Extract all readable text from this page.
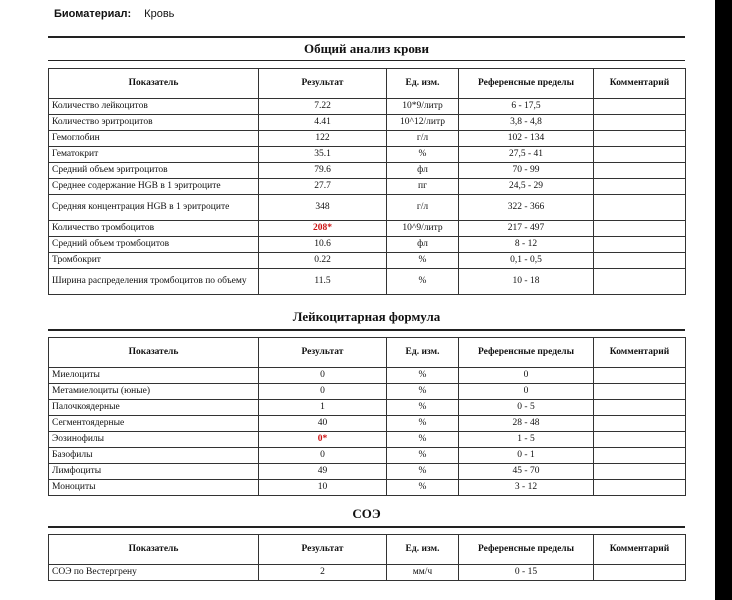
Биоматериал: Кровь
Общий анализ крови
Показатель	Результат	Ед. изм.	Референсные пределы	Комментарий
Количество лейкоцитов	7.22	10*9/литр	6 - 17,5	
Количество эритроцитов	4.41	10^12/литр	3,8 - 4,8	
Гемоглобин	122	г/л	102 - 134	
Гематокрит	35.1	%	27,5 - 41	
Средний объем эритроцитов	79.6	фл	70 - 99	
Среднее содержание HGB в 1 эритроците	27.7	пг	24,5 - 29	
Средняя концентрация HGB в 1 эритроците	348	г/л	322 - 366	
Количество тромбоцитов	208*	10^9/литр	217 - 497	
Средний объем тромбоцитов	10.6	фл	8 - 12	
Тромбокрит	0.22	%	0,1 - 0,5	
Ширина распределения тромбоцитов по объему	11.5	%	10 - 18	
Лейкоцитарная формула
Показатель	Результат	Ед. изм.	Референсные пределы	Комментарий
Миелоциты	0	%	0	
Метамиелоциты (юные)	0	%	0	
Палочкоядерные	1	%	0 - 5	
Сегментоядерные	40	%	28 - 48	
Эозинофилы	0*	%	1 - 5	
Базофилы	0	%	0 - 1	
Лимфоциты	49	%	45 - 70	
Моноциты	10	%	3 - 12	
СОЭ
Показатель	Результат	Ед. изм.	Референсные пределы	Комментарий
СОЭ по Вестергрену	2	мм/ч	0 - 15	
